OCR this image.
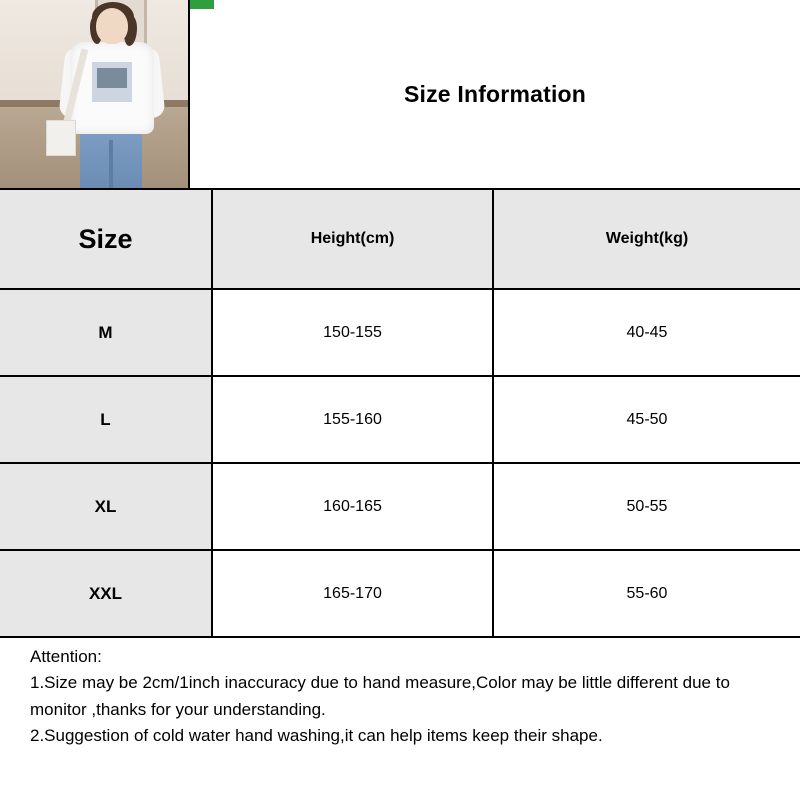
Size Information
Size	Height(cm)	Weight(kg)
M	150-155	40-45
L	155-160	45-50
XL	160-165	50-55
XXL	165-170	55-60
Attention:
1.Size may be 2cm/1inch inaccuracy due to hand measure,Color may be little different due to monitor ,thanks for your understanding.
2.Suggestion of cold water hand washing,it can help items keep their shape.
